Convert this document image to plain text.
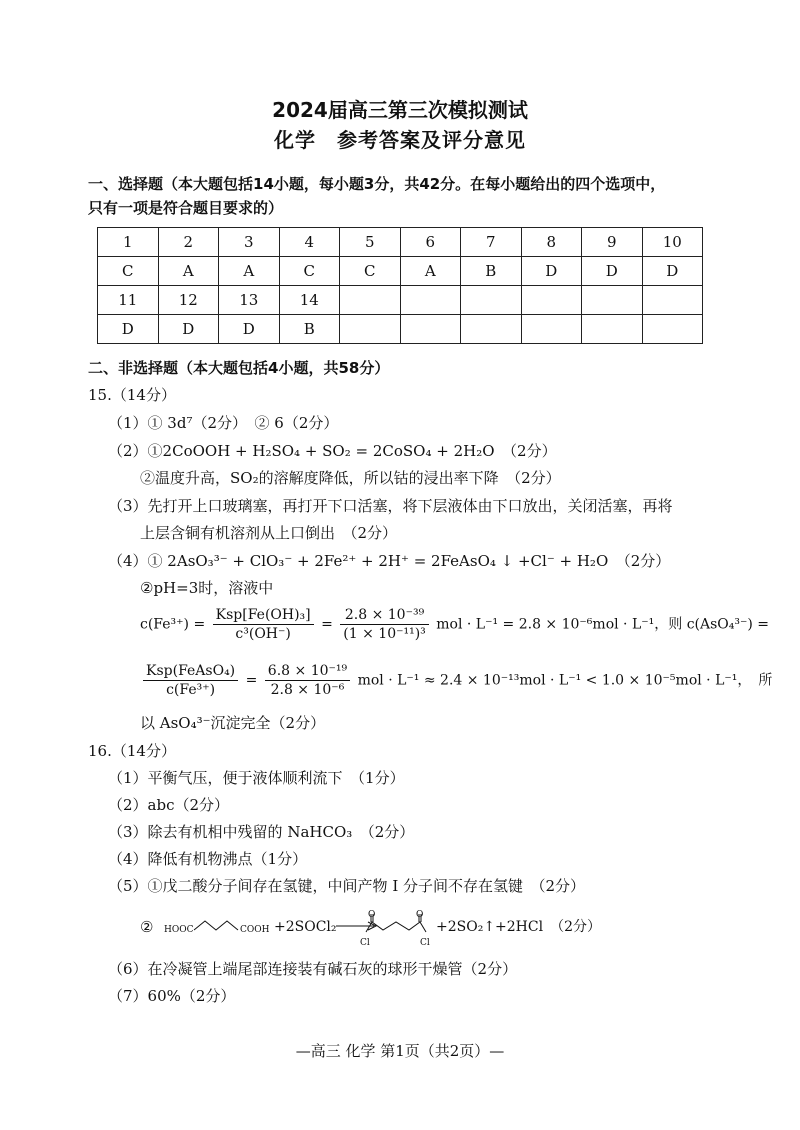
2024届高三第三次模拟测试
化学　参考答案及评分意见
一、选择题（本大题包括14小题，每小题3分，共42分。在每小题给出的四个选项中，
只有一项是符合题目要求的）
1	2	3	4	5	6	7	8	9	10
C	A	A	C	C	A	B	D	D	D
11	12	13	14						
D	D	D	B						
二、非选择题（本大题包括4小题，共58分）
15.（14分）
（1）① 3d⁷（2分）　② 6（2分）
（2）①2CoOOH + H₂SO₄ + SO₂ = 2CoSO₄ + 2H₂O　（2分）
②温度升高，SO₂的溶解度降低，所以钴的浸出率下降　（2分）
（3）先打开上口玻璃塞，再打开下口活塞，将下层液体由下口放出，关闭活塞，再将
上层含铜有机溶剂从上口倒出　（2分）
（4）① 2AsO₃³⁻ + ClO₃⁻ + 2Fe²⁺ + 2H⁺ = 2FeAsO₄ ↓ +Cl⁻ + H₂O　（2分）
②pH=3时，溶液中
$c(Fe^{3+}) = \frac{\text{Ksp[Fe(OH)₃]}}{\text{c³(OH⁻)}} = \frac{\text{2.8 × 10⁻³⁹}}{\text{(1 × 10⁻¹¹)³}}$ mol · L⁻¹ = 2.8 × 10⁻⁶mol · L⁻¹，则 c(AsO₄³⁻) =
$\frac{\text{Ksp(FeAsO₄)}}{\text{c(Fe³⁺)}} = \frac{\text{6.8 × 10⁻¹⁹}}{\text{2.8 × 10⁻⁶}}$ mol · L⁻¹ ≈ 2.4 × 10⁻¹³mol · L⁻¹ < 1.0 × 10⁻⁵mol · L⁻¹，　所
以 AsO₄³⁻沉淀完全（2分）
16.（14分）
（1）平衡气压，便于液体顺利流下　（1分）
（2）abc（2分）
（3）除去有机相中残留的 NaHCO₃　（2分）
（4）降低有机物沸点（1分）
（5）①戊二酸分子间存在氢键，中间产物 I 分子间不存在氢键　（2分）
② HOOC	COOH +2SOCl₂ →
O	O
Cl	Cl
+2SO₂↑+2HCl　（2分）
（6）在冷凝管上端尾部连接装有碱石灰的球形干燥管（2分）
（7）60%（2分）
—高三 化学 第1页（共2页）—
